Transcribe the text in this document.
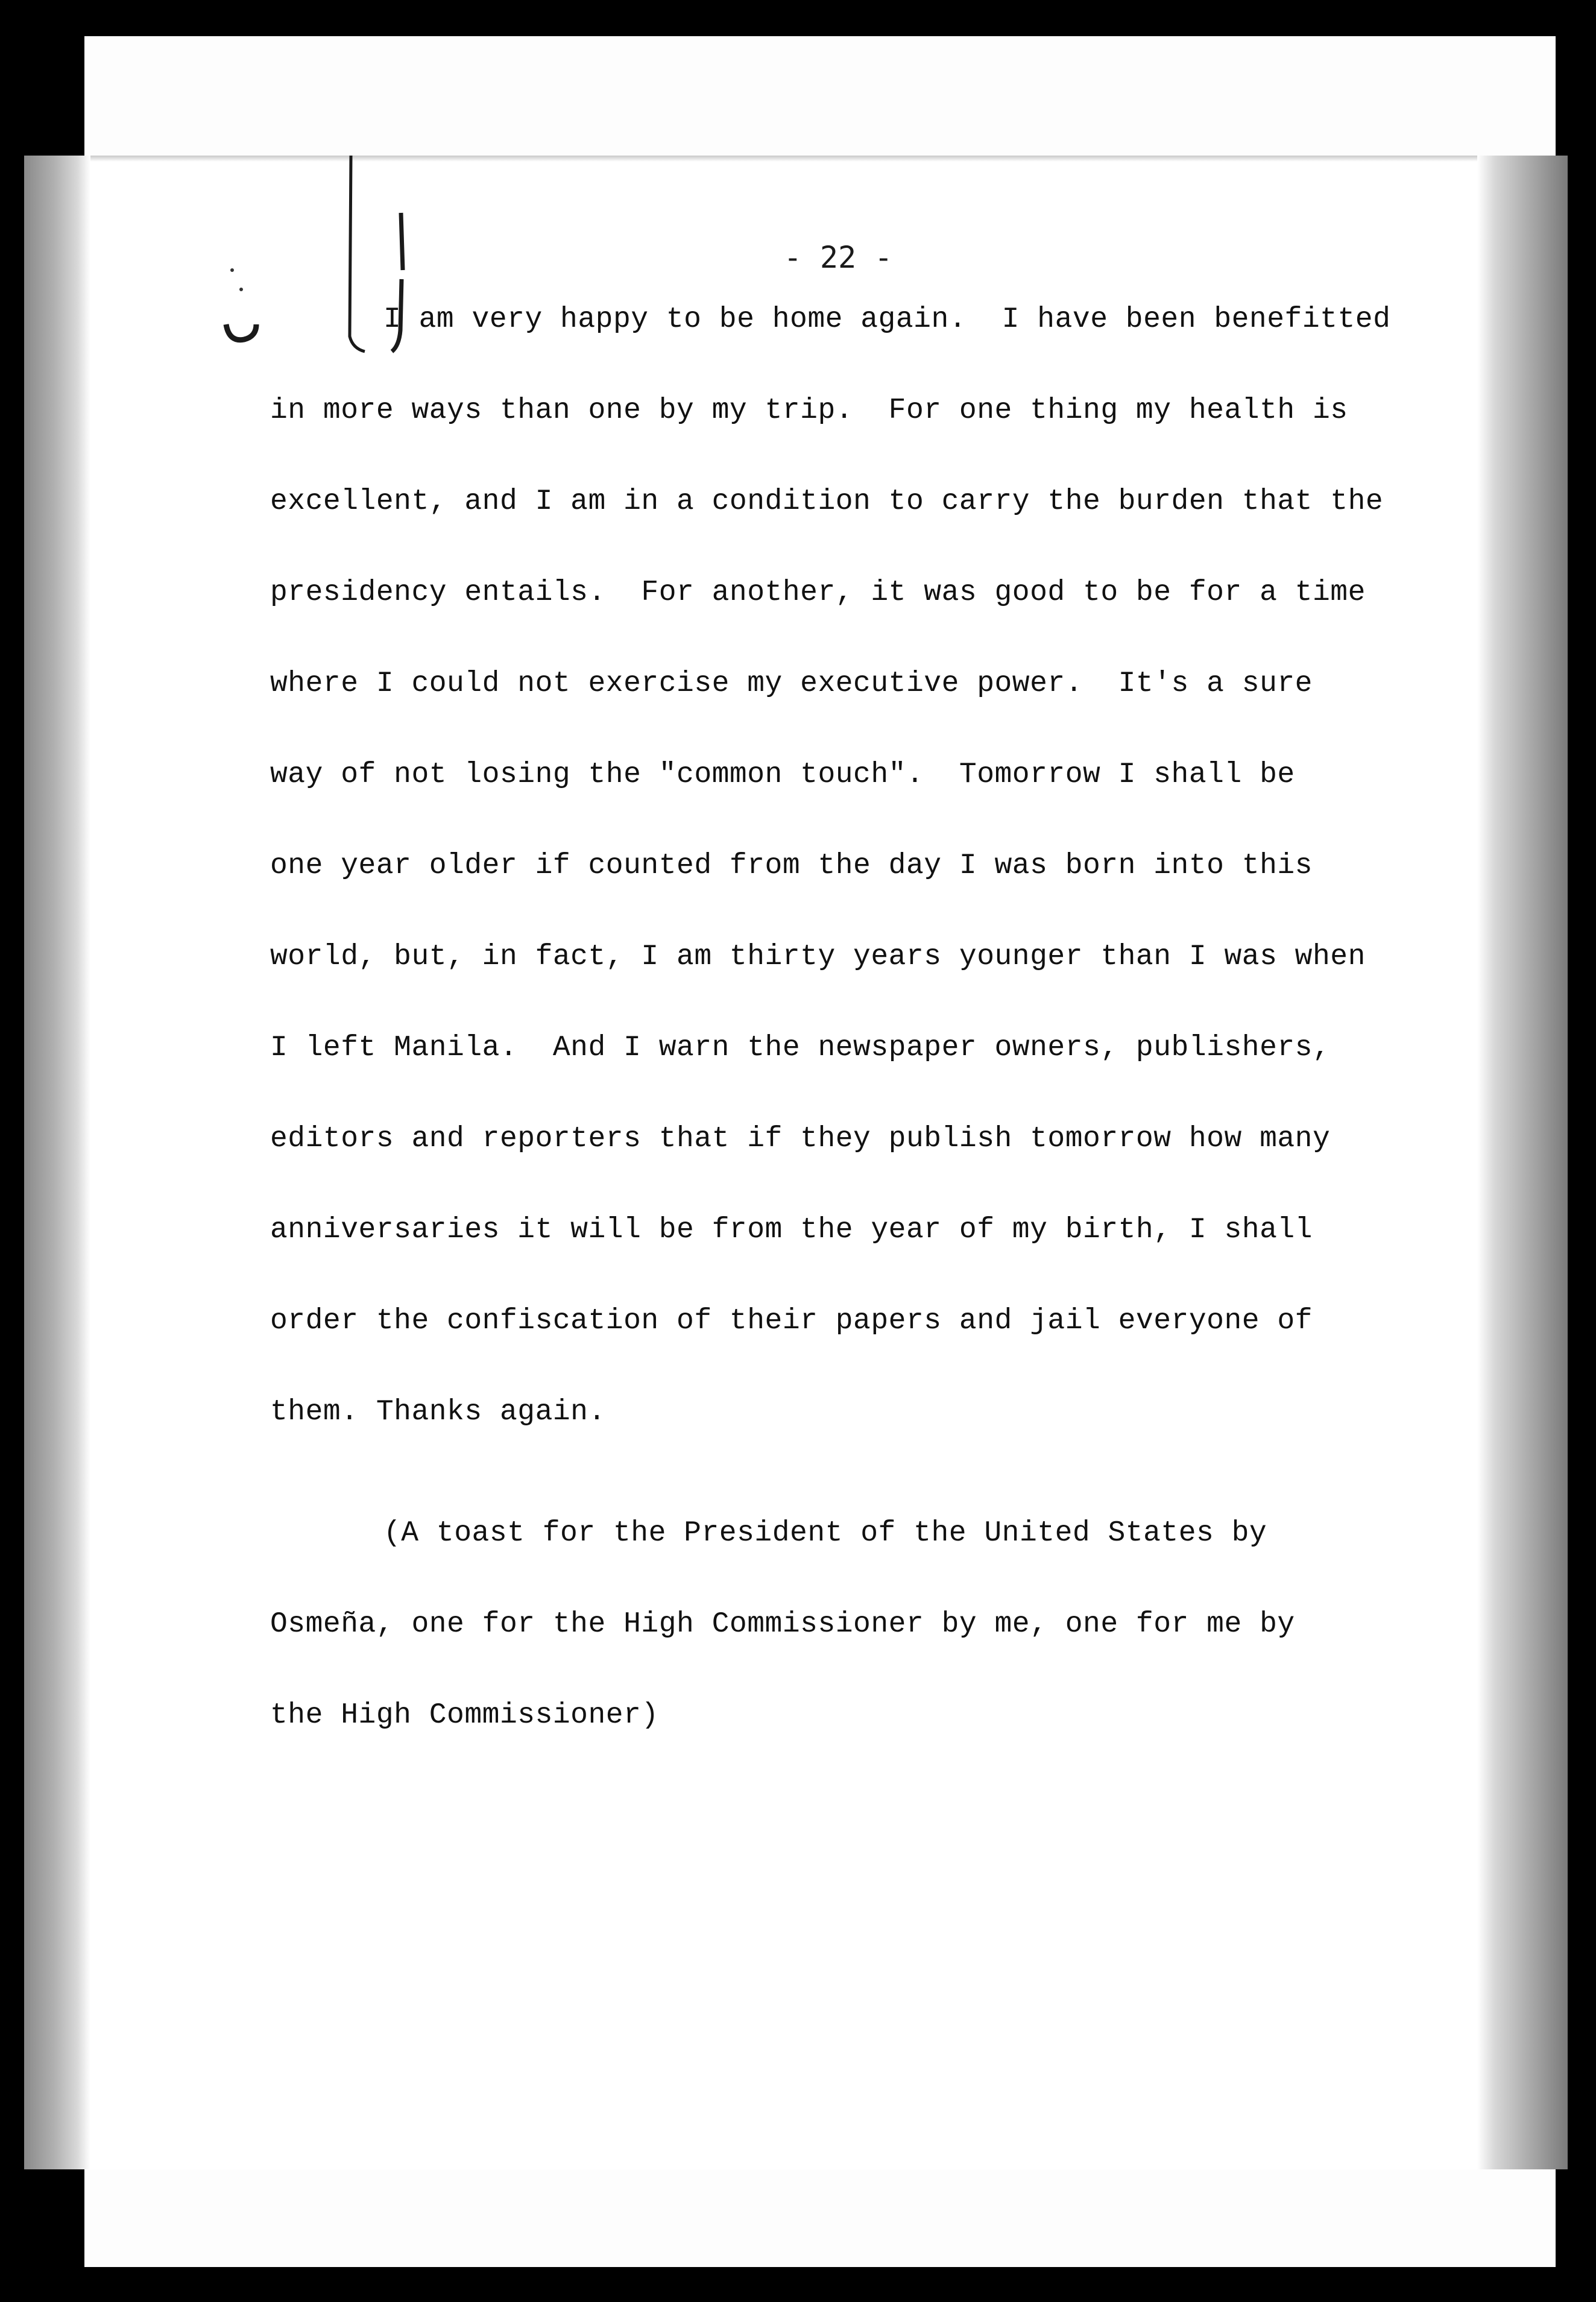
- 22 -
I am very happy to be home again.  I have been benefitted
in more ways than one by my trip.  For one thing my health is
excellent, and I am in a condition to carry the burden that the
presidency entails.  For another, it was good to be for a time
where I could not exercise my executive power.  It's a sure
way of not losing the "common touch".  Tomorrow I shall be
one year older if counted from the day I was born into this
world, but, in fact, I am thirty years younger than I was when
I left Manila.  And I warn the newspaper owners, publishers,
editors and reporters that if they publish tomorrow how many
anniversaries it will be from the year of my birth, I shall
order the confiscation of their papers and jail everyone of
them. Thanks again.
(A toast for the President of the United States by
Osmeña, one for the High Commissioner by me, one for me by
the High Commissioner)
